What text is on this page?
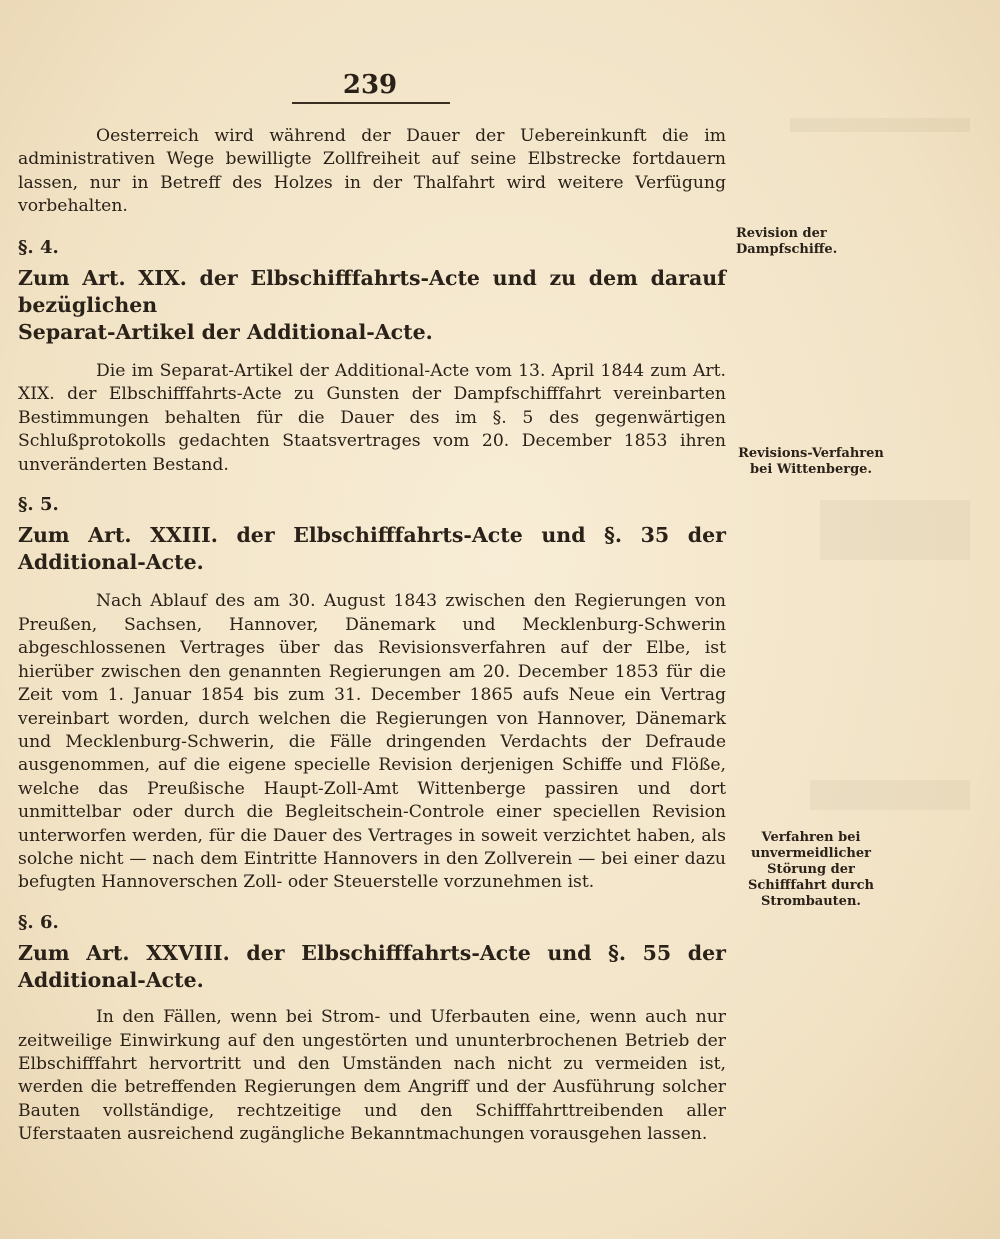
239

Oesterreich wird während der Dauer der Uebereinkunft die im administrativen Wege bewilligte Zollfreiheit auf seine Elbstrecke fortdauern lassen, nur in Betreff des Holzes in der Thalfahrt wird weitere Verfügung vorbehalten.

§. 4.

Zum Art. XIX. der Elbschifffahrts-Acte und zu dem darauf bezüglichen

Separat-Artikel der Additional-Acte.

Die im Separat-Artikel der Additional-Acte vom 13. April 1844 zum Art. XIX. der Elbschifffahrts-Acte zu Gunsten der Dampfschifffahrt vereinbarten Bestimmungen behalten für die Dauer des im §. 5 des gegenwärtigen Schlußprotokolls gedachten Staatsvertrages vom 20. December 1853 ihren unveränderten Bestand.

§. 5.

Zum Art. XXIII. der Elbschifffahrts-Acte und §. 35 der Additional-Acte.

Nach Ablauf des am 30. August 1843 zwischen den Regierungen von Preußen, Sachsen, Hannover, Dänemark und Mecklenburg-Schwerin abgeschlossenen Vertrages über das Revisionsverfahren auf der Elbe, ist hierüber zwischen den genannten Regierungen am 20. December 1853 für die Zeit vom 1. Januar 1854 bis zum 31. December 1865 aufs Neue ein Vertrag vereinbart worden, durch welchen die Regierungen von Hannover, Dänemark und Mecklenburg-Schwerin, die Fälle dringenden Verdachts der Defraude ausgenommen, auf die eigene specielle Revision derjenigen Schiffe und Flöße, welche das Preußische Haupt-Zoll-Amt Wittenberge passiren und dort unmittelbar oder durch die Begleitschein-Controle einer speciellen Revision unterworfen werden, für die Dauer des Vertrages in soweit verzichtet haben, als solche nicht — nach dem Eintritte Hannovers in den Zollverein — bei einer dazu befugten Hannoverschen Zoll- oder Steuerstelle vorzunehmen ist.

§. 6.

Zum Art. XXVIII. der Elbschifffahrts-Acte und §. 55 der Additional-Acte.

In den Fällen, wenn bei Strom- und Uferbauten eine, wenn auch nur zeitweilige Einwirkung auf den ungestörten und ununterbrochenen Betrieb der Elbschifffahrt hervortritt und den Umständen nach nicht zu vermeiden ist, werden die betreffenden Regierungen dem Angriff und der Ausführung solcher Bauten vollständige, rechtzeitige und den Schifffahrttreibenden aller Uferstaaten ausreichend zugängliche Bekanntmachungen vorausgehen lassen.

Revision der Dampfschiffe.
Revisions-Verfahren bei Wittenberge.
Verfahren bei unvermeidlicher Störung der Schifffahrt durch Strombauten.
